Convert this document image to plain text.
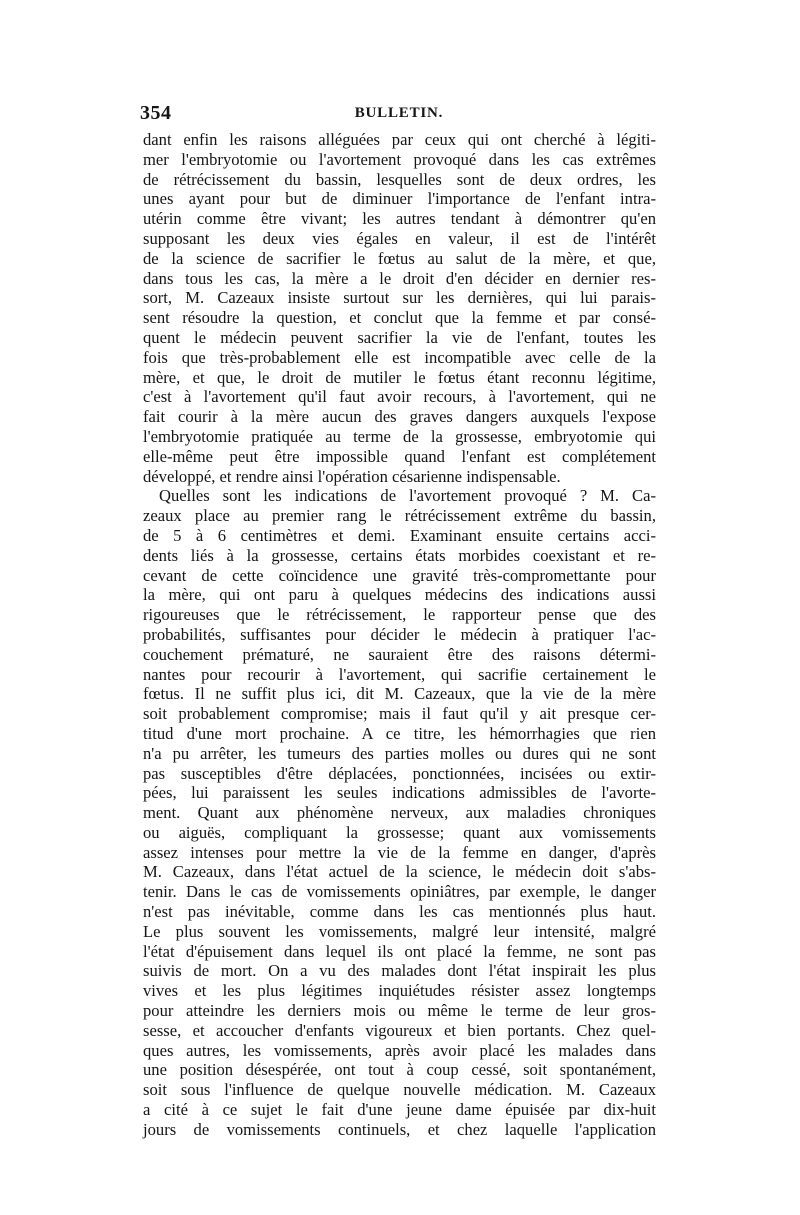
354	BULLETIN.
dant enfin les raisons alléguées par ceux qui ont cherché à légiti-
mer l'embryotomie ou l'avortement provoqué dans les cas extrêmes
de rétrécissement du bassin, lesquelles sont de deux ordres, les
unes ayant pour but de diminuer l'importance de l'enfant intra-
utérin comme être vivant; les autres tendant à démontrer qu'en
supposant les deux vies égales en valeur, il est de l'intérêt
de la science de sacrifier le fœtus au salut de la mère, et que,
dans tous les cas, la mère a le droit d'en décider en dernier res-
sort, M. Cazeaux insiste surtout sur les dernières, qui lui parais-
sent résoudre la question, et conclut que la femme et par consé-
quent le médecin peuvent sacrifier la vie de l'enfant, toutes les
fois que très-probablement elle est incompatible avec celle de la
mère, et que, le droit de mutiler le fœtus étant reconnu légitime,
c'est à l'avortement qu'il faut avoir recours, à l'avortement, qui ne
fait courir à la mère aucun des graves dangers auxquels l'expose
l'embryotomie pratiquée au terme de la grossesse, embryotomie qui
elle-même peut être impossible quand l'enfant est complétement
développé, et rendre ainsi l'opération césarienne indispensable.
Quelles sont les indications de l'avortement provoqué ? M. Ca-
zeaux place au premier rang le rétrécissement extrême du bassin,
de 5 à 6 centimètres et demi. Examinant ensuite certains acci-
dents liés à la grossesse, certains états morbides coexistant et re-
cevant de cette coïncidence une gravité très-compromettante pour
la mère, qui ont paru à quelques médecins des indications aussi
rigoureuses que le rétrécissement, le rapporteur pense que des
probabilités, suffisantes pour décider le médecin à pratiquer l'ac-
couchement prématuré, ne sauraient être des raisons détermi-
nantes pour recourir à l'avortement, qui sacrifie certainement le
fœtus. Il ne suffit plus ici, dit M. Cazeaux, que la vie de la mère
soit probablement compromise; mais il faut qu'il y ait presque cer-
titud d'une mort prochaine. A ce titre, les hémorrhagies que rien
n'a pu arrêter, les tumeurs des parties molles ou dures qui ne sont
pas susceptibles d'être déplacées, ponctionnées, incisées ou extir-
pées, lui paraissent les seules indications admissibles de l'avorte-
ment. Quant aux phénomène nerveux, aux maladies chroniques
ou aiguës, compliquant la grossesse; quant aux vomissements
assez intenses pour mettre la vie de la femme en danger, d'après
M. Cazeaux, dans l'état actuel de la science, le médecin doit s'abs-
tenir. Dans le cas de vomissements opiniâtres, par exemple, le danger
n'est pas inévitable, comme dans les cas mentionnés plus haut.
Le plus souvent les vomissements, malgré leur intensité, malgré
l'état d'épuisement dans lequel ils ont placé la femme, ne sont pas
suivis de mort. On a vu des malades dont l'état inspirait les plus
vives et les plus légitimes inquiétudes résister assez longtemps
pour atteindre les derniers mois ou même le terme de leur gros-
sesse, et accoucher d'enfants vigoureux et bien portants. Chez quel-
ques autres, les vomissements, après avoir placé les malades dans
une position désespérée, ont tout à coup cessé, soit spontanément,
soit sous l'influence de quelque nouvelle médication. M. Cazeaux
a cité à ce sujet le fait d'une jeune dame épuisée par dix-huit
jours de vomissements continuels, et chez laquelle l'application
